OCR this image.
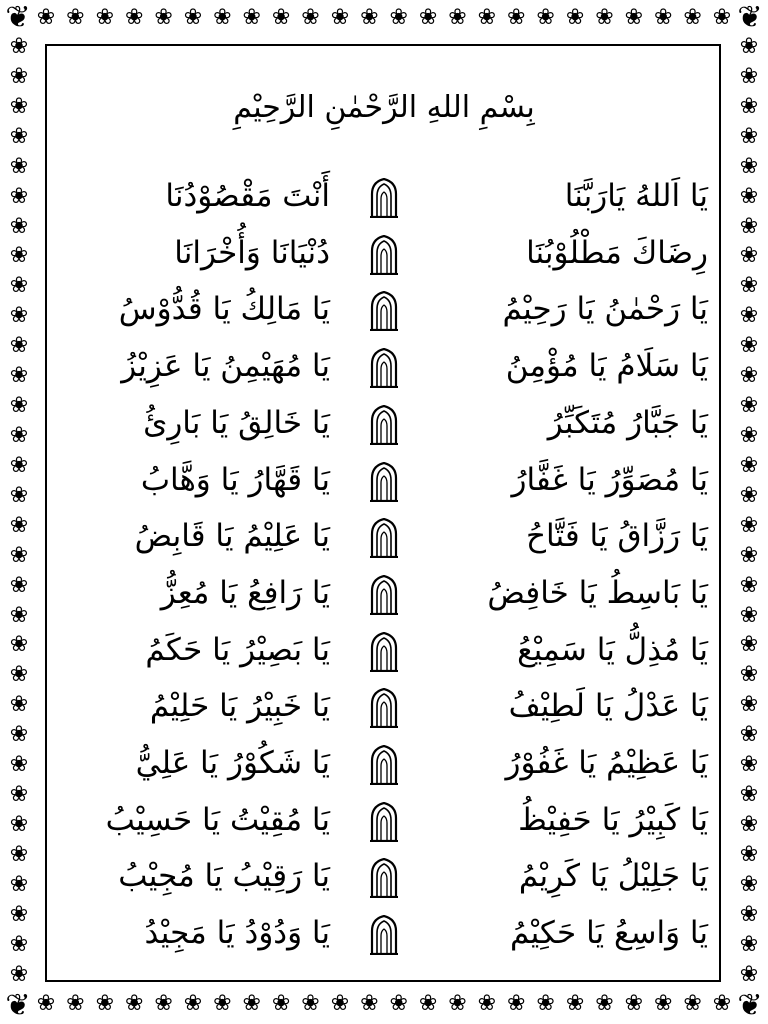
❀ ❀ ❀ ❀ ❀ ❀ ❀ ❀ ❀ ❀ ❀ ❀ ❀ ❀ ❀ ❀ ❀ ❀ ❀ ❀ ❀ ❀ ❀ ❀
❀ ❀ ❀ ❀ ❀ ❀ ❀ ❀ ❀ ❀ ❀ ❀ ❀ ❀ ❀ ❀ ❀ ❀ ❀ ❀ ❀ ❀ ❀ ❀
❀
❀
❀
❀
❀
❀
❀
❀
❀
❀
❀
❀
❀
❀
❀
❀
❀
❀
❀
❀
❀
❀
❀
❀
❀
❀
❀
❀
❀
❀
❀
❀
❀
❀
❀
❀
❀
❀
❀
❀
❀
❀
❀
❀
❀
❀
❀
❀
❀
❀
❀
❀
❀
❀
❀
❀
❀
❀
❀
❀
❀
❀
❀
❀
❦	❦
❦	❦
بِسْمِ اللهِ الرَّحْمٰنِ الرَّحِيْمِ
يَا اَللهُ يَارَبَّنَا
أَنْتَ مَقْصُوْدُنَا
رِضَاكَ مَطْلُوْبُنَا
دُنْيَانَا وَأُخْرَانَا
يَا رَحْمٰنُ يَا رَحِيْمُ
يَا مَالِكُ يَا قُدُّوْسُ
يَا سَلَامُ يَا مُؤْمِنُ
يَا مُهَيْمِنُ يَا عَزِيْزُ
يَا جَبَّارُ مُتَكَبِّرُ
يَا خَالِقُ يَا بَارِئُ
يَا مُصَوِّرُ يَا غَفَّارُ
يَا قَهَّارُ يَا وَهَّابُ
يَا رَزَّاقُ يَا فَتَّاحُ
يَا عَلِيْمُ يَا قَابِضُ
يَا بَاسِطُ يَا خَافِضُ
يَا رَافِعُ يَا مُعِزُّ
يَا مُذِلُّ يَا سَمِيْعُ
يَا بَصِيْرُ يَا حَكَمُ
يَا عَدْلُ يَا لَطِيْفُ
يَا خَبِيْرُ يَا حَلِيْمُ
يَا عَظِيْمُ يَا غَفُوْرُ
يَا شَكُوْرُ يَا عَلِيُّ
يَا كَبِيْرُ يَا حَفِيْظُ
يَا مُقِيْتُ يَا حَسِيْبُ
يَا جَلِيْلُ يَا كَرِيْمُ
يَا رَقِيْبُ يَا مُجِيْبُ
يَا وَاسِعُ يَا حَكِيْمُ
يَا وَدُوْدُ يَا مَجِيْدُ
